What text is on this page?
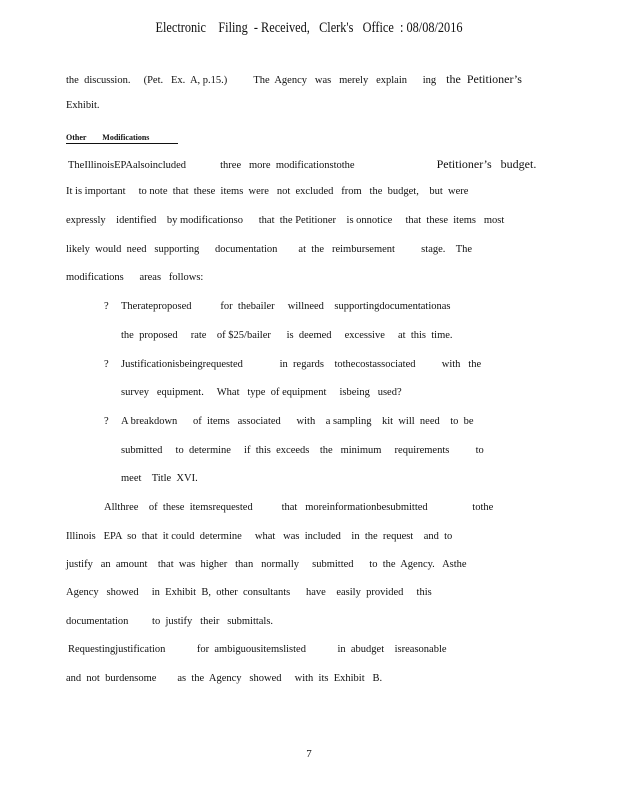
Electronic    Filing  - Received,   Clerk's   Office  : 08/08/2016
the  discussion.     (Pet.   Ex.  A, p.15.)          The  Agency   was   merely   explain      ing the  Petitioner’s
Exhibit.
Other        Modifications
TheIllinoisEPAalsoincluded             three   more  modificationstothe	Petitioner’s   budget.
It is important     to note  that  these  items  were   not  excluded   from   the  budget,    but  were
expressly    identified    by modificationso      that  the Petitioner    is onnotice     that  these  items   most
likely  would  need   supporting      documentation        at  the   reimbursement          stage.    The
modifications      areas   follows:
? Therateproposed           for  thebailer     willneed    supportingdocumentationas
the  proposed     rate    of $25/bailer      is  deemed     excessive     at  this  time.
? Justificationisbeingrequested              in  regards    tothecostassociated          with   the
survey   equipment.     What   type  of equipment     isbeing   used?
? A breakdown      of  items   associated      with    a sampling    kit  will  need    to  be
submitted     to  determine     if  this  exceeds    the   minimum     requirements          to
meet    Title  XVI.
Allthree    of  these  itemsrequested           that   moreinformationbesubmitted                 tothe
Illinois   EPA  so  that  it could  determine     what   was  included    in  the  request    and  to
justify   an  amount    that  was  higher   than   normally     submitted      to  the  Agency.   Asthe
Agency   showed     in  Exhibit  B,  other  consultants      have    easily  provided     this
documentation         to  justify   their   submittals.
Requestingjustification            for  ambiguousitemslisted            in  abudget    isreasonable
and  not  burdensome        as  the  Agency   showed     with  its  Exhibit   B.
7
